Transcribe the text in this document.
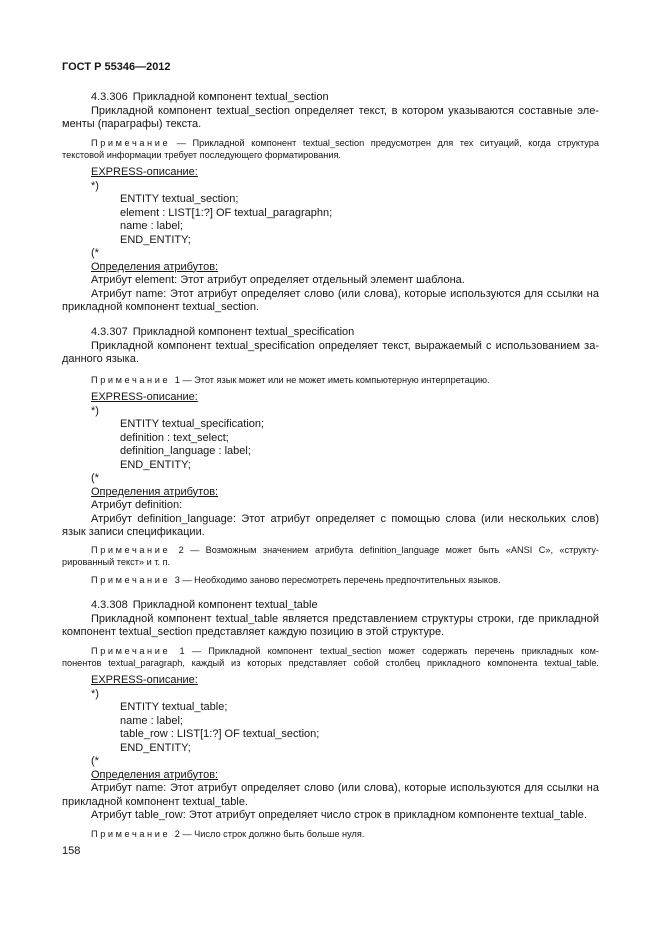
ГОСТ Р 55346—2012
4.3.306 Прикладной компонент textual_section
Прикладной компонент textual_section определяет текст, в котором указываются составные эле-
менты (параграфы) текста.
Примечание — Прикладной компонент textual_section предусмотрен для тех ситуаций, когда структура
текстовой информации требует последующего форматирования.
EXPRESS-описание:
*)
ENTITY textual_section;
element : LIST[1:?] OF textual_paragraphn;
name : label;
END_ENTITY;
(*
Определения атрибутов:
Атрибут element: Этот атрибут определяет отдельный элемент шаблона.
Атрибут name: Этот атрибут определяет слово (или слова), которые используются для ссылки на
прикладной компонент textual_section.
4.3.307 Прикладной компонент textual_specification
Прикладной компонент textual_specification определяет текст, выражаемый с использованием за-
данного языка.
Примечание 1 — Этот язык может или не может иметь компьютерную интерпретацию.
EXPRESS-описание:
*)
ENTITY textual_specification;
definition : text_select;
definition_language : label;
END_ENTITY;
(*
Определения атрибутов:
Атрибут definition:
Атрибут definition_language: Этот атрибут определяет с помощью слова (или нескольких слов)
язык записи спецификации.
Примечание 2 — Возможным значением атрибута definition_language может быть «ANSI C», «структу-
рированный текст» и т. п.
Примечание 3 — Необходимо заново пересмотреть перечень предпочтительных языков.
4.3.308 Прикладной компонент textual_table
Прикладной компонент textual_table является представлением структуры строки, где прикладной
компонент textual_section представляет каждую позицию в этой структуре.
Примечание 1 — Прикладной компонент textual_section может содержать перечень прикладных ком-
понентов textual_paragraph, каждый из которых представляет собой столбец прикладного компонента textual_table.
EXPRESS-описание:
*)
ENTITY textual_table;
name : label;
table_row : LIST[1:?] OF textual_section;
END_ENTITY;
(*
Определения атрибутов:
Атрибут name: Этот атрибут определяет слово (или слова), которые используются для ссылки на
прикладной компонент textual_table.
Атрибут table_row: Этот атрибут определяет число строк в прикладном компоненте textual_table.
Примечание 2 — Число строк должно быть больше нуля.
158
